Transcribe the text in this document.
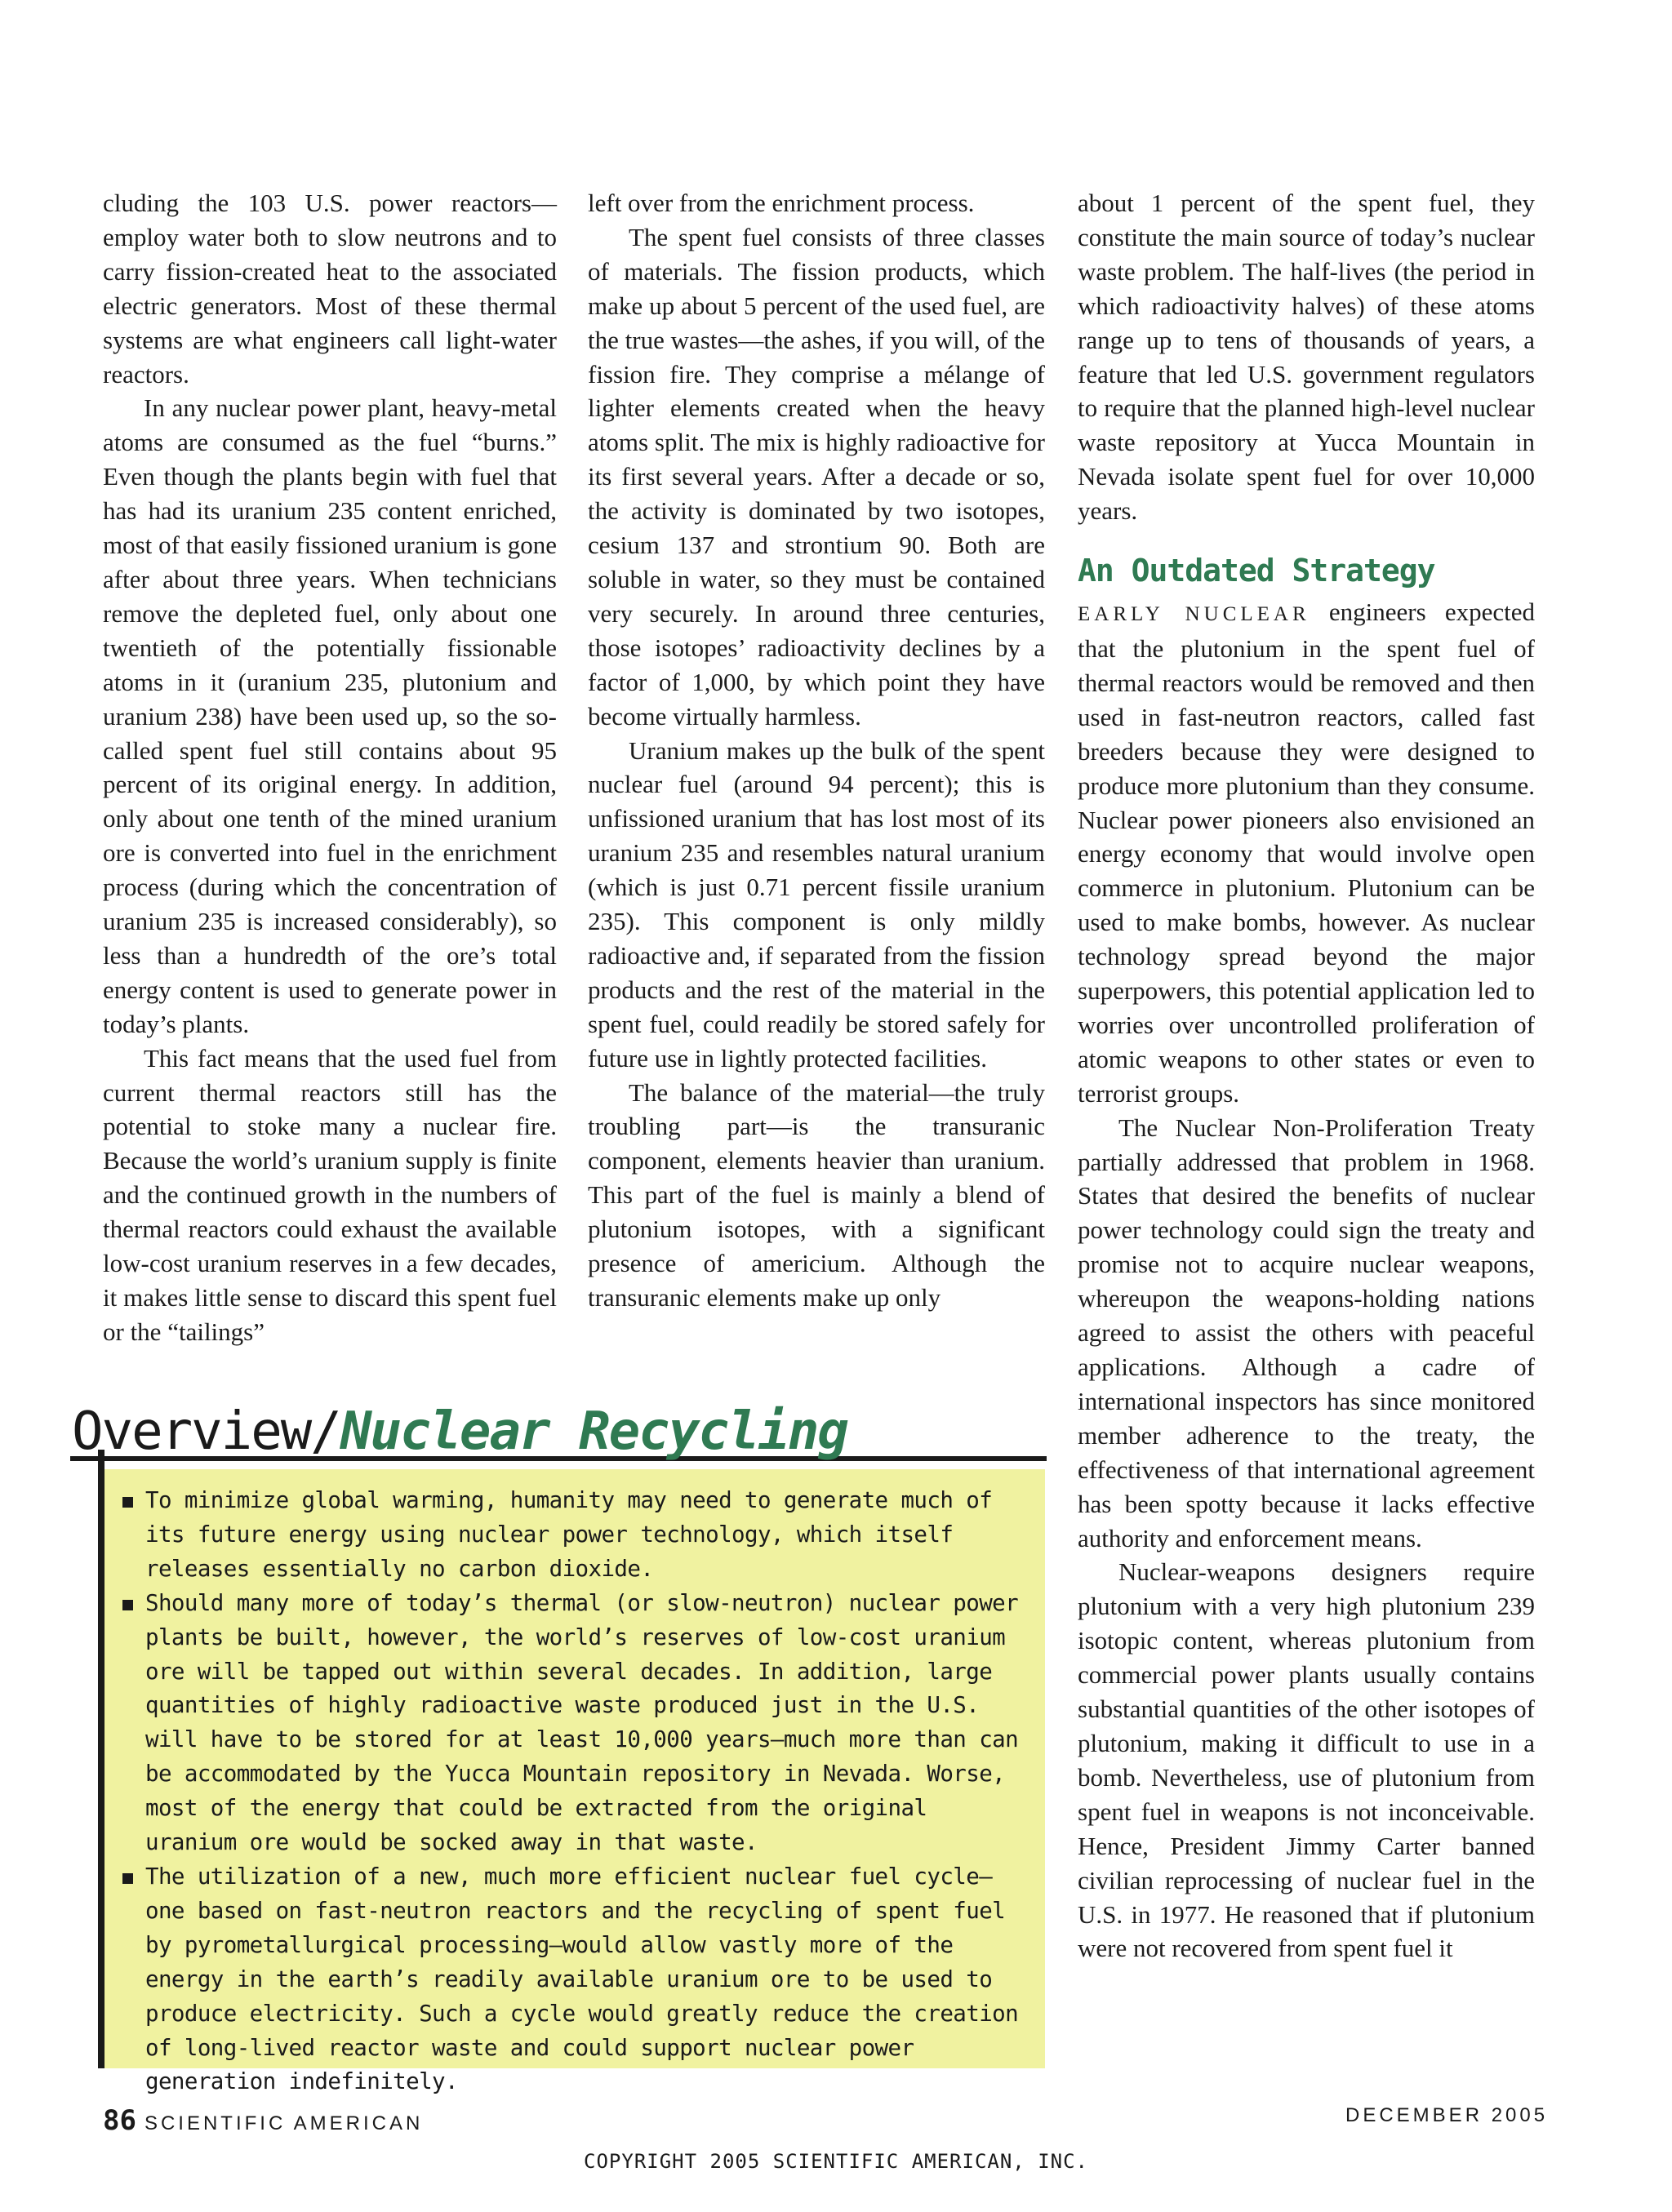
cluding the 103 U.S. power reactors— employ water both to slow neutrons and to carry fission-created heat to the associated electric generators. Most of these thermal systems are what engineers call light-water reactors.

In any nuclear power plant, heavy-metal atoms are consumed as the fuel “burns.” Even though the plants begin with fuel that has had its uranium 235 content enriched, most of that easily fissioned uranium is gone after about three years. When technicians remove the depleted fuel, only about one twentieth of the potentially fissionable atoms in it (uranium 235, plutonium and uranium 238) have been used up, so the so-called spent fuel still contains about 95 percent of its original energy. In addition, only about one tenth of the mined uranium ore is converted into fuel in the enrichment process (during which the concentration of uranium 235 is increased considerably), so less than a hundredth of the ore’s total energy content is used to generate power in today’s plants.

This fact means that the used fuel from current thermal reactors still has the potential to stoke many a nuclear fire. Because the world’s uranium supply is finite and the continued growth in the numbers of thermal reactors could exhaust the available low-cost uranium reserves in a few decades, it makes little sense to discard this spent fuel or the “tailings”

left over from the enrichment process.

The spent fuel consists of three classes of materials. The fission products, which make up about 5 percent of the used fuel, are the true wastes—the ashes, if you will, of the fission fire. They comprise a mélange of lighter elements created when the heavy atoms split. The mix is highly radioactive for its first several years. After a decade or so, the activity is dominated by two isotopes, cesium 137 and strontium 90. Both are soluble in water, so they must be contained very securely. In around three centuries, those isotopes’ radioactivity declines by a factor of 1,000, by which point they have become virtually harmless.

Uranium makes up the bulk of the spent nuclear fuel (around 94 percent); this is unfissioned uranium that has lost most of its uranium 235 and resembles natural uranium (which is just 0.71 percent fissile uranium 235). This component is only mildly radioactive and, if separated from the fission products and the rest of the material in the spent fuel, could readily be stored safely for future use in lightly protected facilities.

The balance of the material—the truly troubling part—is the transuranic component, elements heavier than uranium. This part of the fuel is mainly a blend of plutonium isotopes, with a significant presence of americium. Although the transuranic elements make up only

about 1 percent of the spent fuel, they constitute the main source of today’s nuclear waste problem. The half-lives (the period in which radioactivity halves) of these atoms range up to tens of thousands of years, a feature that led U.S. government regulators to require that the planned high-level nuclear waste repository at Yucca Mountain in Nevada isolate spent fuel for over 10,000 years.

An Outdated Strategy

EARLY NUCLEAR engineers expected that the plutonium in the spent fuel of thermal reactors would be removed and then used in fast-neutron reactors, called fast breeders because they were designed to produce more plutonium than they consume. Nuclear power pioneers also envisioned an energy economy that would involve open commerce in plutonium. Plutonium can be used to make bombs, however. As nuclear technology spread beyond the major superpowers, this potential application led to worries over uncontrolled proliferation of atomic weapons to other states or even to terrorist groups.

The Nuclear Non-Proliferation Treaty partially addressed that problem in 1968. States that desired the benefits of nuclear power technology could sign the treaty and promise not to acquire nuclear weapons, whereupon the weapons-holding nations agreed to assist the others with peaceful applications. Although a cadre of international inspectors has since monitored member adherence to the treaty, the effectiveness of that international agreement has been spotty because it lacks effective authority and enforcement means.

Nuclear-weapons designers require plutonium with a very high plutonium 239 isotopic content, whereas plutonium from commercial power plants usually contains substantial quantities of the other isotopes of plutonium, making it difficult to use in a bomb. Nevertheless, use of plutonium from spent fuel in weapons is not inconceivable. Hence, President Jimmy Carter banned civilian reprocessing of nuclear fuel in the U.S. in 1977. He reasoned that if plutonium were not recovered from spent fuel it

Overview/Nuclear Recycling
To minimize global warming, humanity may need to generate much of its future energy using nuclear power technology, which itself releases essentially no carbon dioxide.
Should many more of today’s thermal (or slow-neutron) nuclear power plants be built, however, the world’s reserves of low-cost uranium ore will be tapped out within several decades. In addition, large quantities of highly radioactive waste produced just in the U.S. will have to be stored for at least 10,000 years—much more than can be accommodated by the Yucca Mountain repository in Nevada. Worse, most of the energy that could be extracted from the original uranium ore would be socked away in that waste.
The utilization of a new, much more efficient nuclear fuel cycle—one based on fast-neutron reactors and the recycling of spent fuel by pyrometallurgical processing—would allow vastly more of the energy in the earth’s readily available uranium ore to be used to produce electricity. Such a cycle would greatly reduce the creation of long-lived reactor waste and could support nuclear power generation indefinitely.
86 SCIENTIFIC AMERICAN	DECEMBER 2005
COPYRIGHT 2005 SCIENTIFIC AMERICAN, INC.
